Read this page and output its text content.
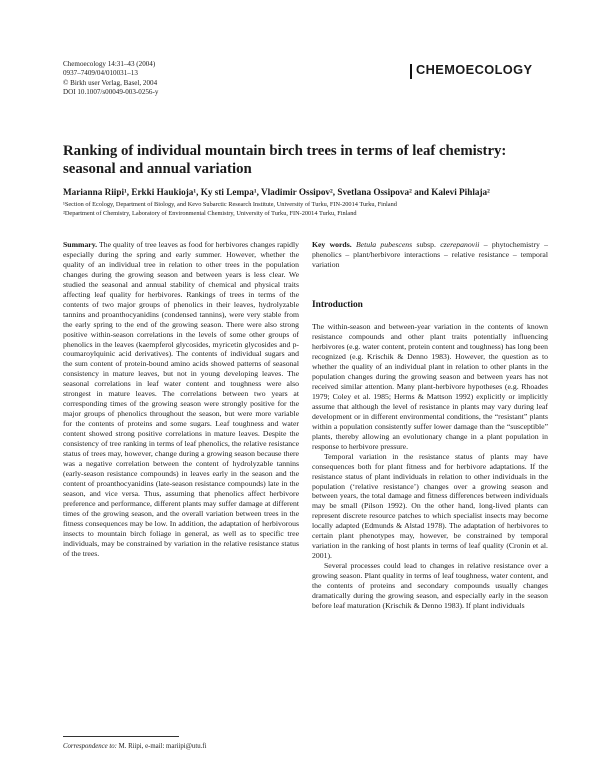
Chemoecology 14:31–43 (2004)
0937–7409/04/010031–13
© Birkh user Verlag, Basel, 2004
DOI 10.1007/s00049-003-0256-y
CHEMOECOLOGY
Ranking of individual mountain birch trees in terms of leaf chemistry: seasonal and annual variation
Marianna Riipi¹, Erkki Haukioja¹, Ky sti Lempa¹, Vladimir Ossipov², Svetlana Ossipova² and Kalevi Pihlaja²
¹Section of Ecology, Department of Biology, and Kevo Subarctic Research Institute, University of Turku, FIN-20014 Turku, Finland
²Department of Chemistry, Laboratory of Environmental Chemistry, University of Turku, FIN-20014 Turku, Finland
Summary. The quality of tree leaves as food for herbivores changes rapidly especially during the spring and early summer. However, whether the quality of an individual tree in relation to other trees in the population changes during the growing season and between years is less clear. We studied the seasonal and annual stability of chemical and physical traits affecting leaf quality for herbivores. Rankings of trees in terms of the contents of two major groups of phenolics in their leaves, hydrolyzable tannins and proanthocyanidins (condensed tannins), were very stable from the early spring to the end of the growing season. There were also strong positive within-season correlations in the levels of some other groups of phenolics in the leaves (kaempferol glycosides, myricetin glycosides and p-coumaroylquinic acid derivatives). The contents of individual sugars and the sum content of protein-bound amino acids showed patterns of seasonal consistency in mature leaves, but not in young developing leaves. The seasonal correlations in leaf water content and toughness were also strongest in mature leaves. The correlations between two years at corresponding times of the growing season were strongly positive for the major groups of phenolics throughout the season, but were more variable for the contents of proteins and some sugars. Leaf toughness and water content showed strong positive correlations in mature leaves. Despite the consistency of tree ranking in terms of leaf phenolics, the relative resistance status of trees may, however, change during a growing season because there was a negative correlation between the content of hydrolyzable tannins (early-season resistance compounds) in leaves early in the season and the content of proanthocyanidins (late-season resistance compounds) late in the season, and vice versa. Thus, assuming that phenolics affect herbivore preference and performance, different plants may suffer damage at different times of the growing season, and the overall variation between trees in the fitness consequences may be low. In addition, the adaptation of herbivorous insects to mountain birch foliage in general, as well as to specific tree individuals, may be constrained by variation in the relative resistance status of the trees.
Key words. Betula pubescens subsp. czerepanovii – phytochemistry – phenolics – plant/herbivore interactions – relative resistance – temporal variation
Introduction

The within-season and between-year variation in the contents of known resistance compounds and other plant traits potentially influencing herbivores (e.g. water content, protein content and toughness) has long been recognized (e.g. Krischik & Denno 1983). However, the question as to whether the quality of an individual plant in relation to other plants in the population changes during the growing season and between years has not received similar attention. Many plant-herbivore hypotheses (e.g. Rhoades 1979; Coley et al. 1985; Herms & Mattson 1992) explicitly or implicitly assume that although the level of resistance in plants may vary during leaf development or in different environmental conditions, the “resistant” plants within a population consistently suffer lower damage than the “susceptible” plants, thereby allowing an evolutionary change in a plant population in response to herbivore pressure.

Temporal variation in the resistance status of plants may have consequences both for plant fitness and for herbivore adaptations. If the resistance status of plant individuals in relation to other individuals in the population (‘relative resistance’) changes over a growing season and between years, the total damage and fitness differences between individuals may be small (Pilson 1992). On the other hand, long-lived plants can represent discrete resource patches to which specialist insects may become locally adapted (Edmunds & Alstad 1978). The adaptation of herbivores to certain plant phenotypes may, however, be constrained by temporal variation in the ranking of host plants in terms of leaf quality (Cronin et al. 2001).

Several processes could lead to changes in relative resistance over a growing season. Plant quality in terms of leaf toughness, water content, and the contents of proteins and secondary compounds usually changes dramatically during the growing season, and especially early in the season before leaf maturation (Krischik & Denno 1983). If plant individuals

Correspondence to: M. Riipi, e-mail: mariipi@utu.fi
